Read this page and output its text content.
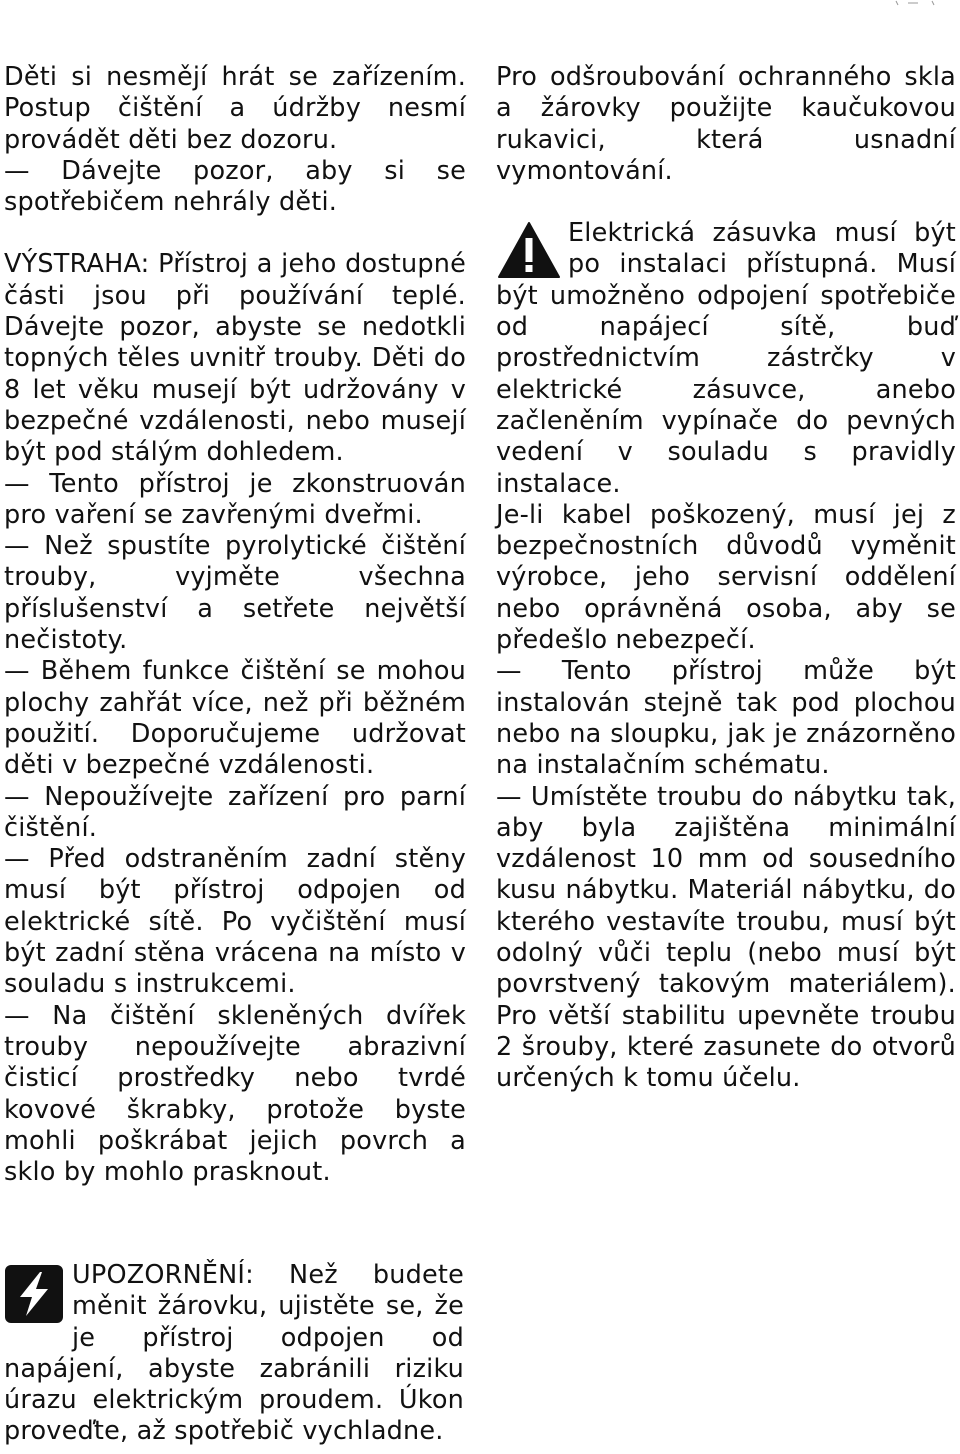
Děti si nesmějí hrát se zařízením. Postup čištění a údržby nesmí provádět děti bez dozoru.

— Dávejte pozor, aby si se spotřebičem nehrály děti.

VÝSTRAHA: Přístroj a jeho dostupné části jsou při používání teplé. Dávejte pozor, abyste se nedotkli topných těles uvnitř trouby. Děti do 8 let věku musejí být udržovány v bezpečné vzdálenosti, nebo musejí být pod stálým dohledem.

— Tento přístroj je zkonstruován pro vaření se zavřenými dveřmi.

— Než spustíte pyrolytické čištění trouby, vyjměte všechna příslušenství a setřete největší nečistoty.

— Během funkce čištění se mohou plochy zahřát více, než při běžném použití. Doporučujeme udržovat děti v bezpečné vzdálenosti.

— Nepoužívejte zařízení pro parní čištění.

— Před odstraněním zadní stěny musí být přístroj odpojen od elektrické sítě. Po vyčištění musí být zadní stěna vrácena na místo v souladu s instrukcemi.

— Na čištění skleněných dvířek trouby nepoužívejte abrazivní čisticí prostředky nebo tvrdé kovové škrabky, protože byste mohli poškrábat jejich povrch a sklo by mohlo prasknout.

Pro odšroubování ochranného skla a žárovky použijte kaučukovou rukavici, která usnadní vymontování.

Elektrická zásuvka musí být po instalaci přístupná. Musí být umožněno odpojení spotřebiče od napájecí sítě, buď prostřednictvím zástrčky v elektrické zásuvce, anebo začleněním vypínače do pevných vedení v souladu s pravidly instalace.

Je-li kabel poškozený, musí jej z bezpečnostních důvodů vyměnit výrobce, jeho servisní oddělení nebo oprávněná osoba, aby se předešlo nebezpečí.

— Tento přístroj může být instalován stejně tak pod plochou nebo na sloupku, jak je znázorněno na instalačním schématu.

— Umístěte troubu do nábytku tak, aby byla zajištěna minimální vzdálenost 10 mm od sousedního kusu nábytku. Materiál nábytku, do kterého vestavíte troubu, musí být odolný vůči teplu (nebo musí být povrstvený takovým materiálem). Pro větší stabilitu upevněte troubu 2 šrouby, které zasunete do otvorů určených k tomu účelu.

UPOZORNĚNÍ: Než budete měnit žárovku, ujistěte se, že je přístroj odpojen od napájení, abyste zabránili riziku úrazu elektrickým proudem. Úkon proveďte, až spotřebič vychladne.
